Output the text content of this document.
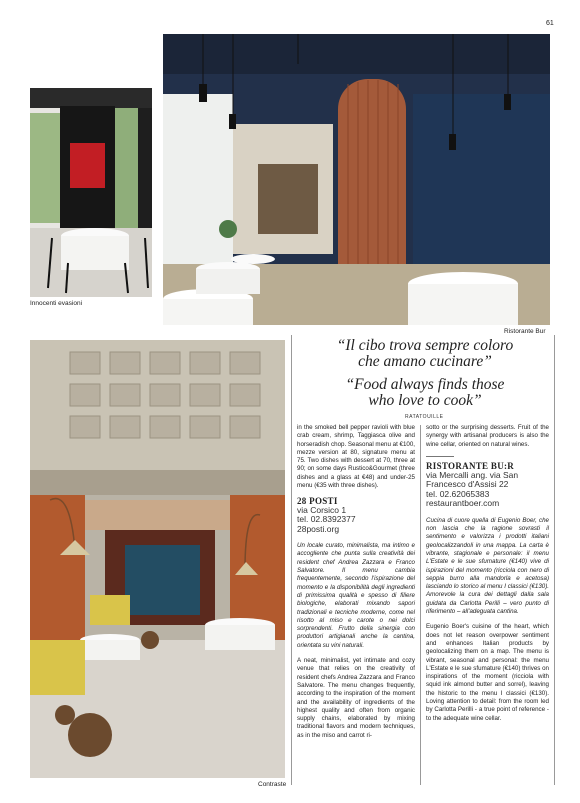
61
Innocenti evasioni
Ristorante Bur
Contraste
“Il cibo trova sempre coloro
che amano cucinare”
“Food always finds those
who love to cook”
RATATOUILLE

in the smoked bell pepper ravioli with blue crab cream, shrimp, Taggiasca olive and horseradish chop. Seasonal menu at €100, mezze version at 80, signature menu at 75. Two dishes with dessert at 70, three at 90; on some days Rustico&Gourmet (three dishes and a glass at €48) and under-25 menu (€35 with three dishes).

28 POSTI
via Corsico 1
tel. 02.8392377
28posti.org

Un locale curato, minimalista, ma intimo e accogliente che punta sulla creatività dei resident chef Andrea Zazzara e Franco Salvatore. Il menu cambia frequentemente, secondo l'ispirazione del momento e la disponibilità degli ingredienti di primissima qualità e spesso di filiere biologiche, elaborati mixando sapori tradizionali e tecniche moderne, come nel risotto al miso e carote o nei dolci sorprendenti. Frutto della sinergia con produttori artigianali anche la cantina, orientata su vini naturali.

A neat, minimalist, yet intimate and cozy venue that relies on the creativity of resident chefs Andrea Zazzara and Franco Salvatore. The menu changes frequently, according to the inspiration of the moment and the availability of ingredients of the highest quality and often from organic supply chains, elaborated by mixing traditional flavors and modern techniques, as in the miso and carrot ri-

sotto or the surprising desserts. Fruit of the synergy with artisanal producers is also the wine cellar, oriented on natural wines.

RISTORANTE BU:R
via Mercalli ang. via San
Francesco d'Assisi 22
tel. 02.62065383
restaurantboer.com

Cucina di cuore quella di Eugenio Boer, che non lascia che la ragione sovrasti il sentimento e valorizza i prodotti italiani geolocalizzandoli in una mappa. La carta è vibrante, stagionale e personale: il menu L'Estate e le sue sfumature (€140) vive di ispirazioni del momento (ricciola con nero di seppia burro alla mandorla e acetosa) lasciando lo storico al menu I classici (€130). Amorevole la cura dei dettagli dalla sala guidata da Carlotta Perilli – vero punto di riferimento – all'adeguata cantina.

Eugenio Boer's cuisine of the heart, which does not let reason overpower sentiment and enhances Italian products by geolocalizing them on a map. The menu is vibrant, seasonal and personal: the menu L'Estate e le sue sfumature (€140) thrives on inspirations of the moment (ricciola with squid ink almond butter and sorrel), leaving the historic to the menu I classici (€130). Loving attention to detail: from the room led by Carlotta Perilli - a true point of reference - to the adequate wine cellar.
